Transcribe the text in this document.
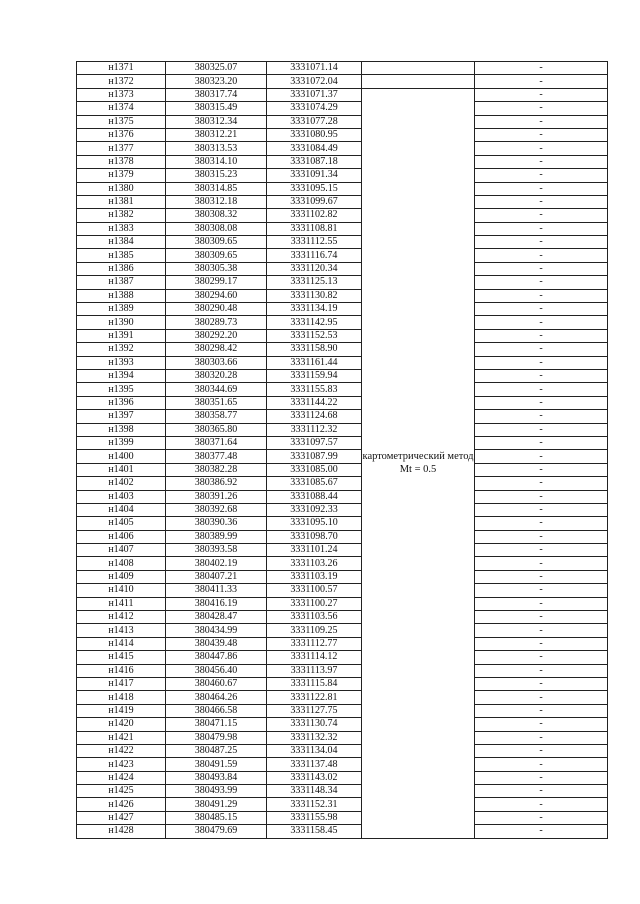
н1371	380325.07	3331071.14		-
н1372	380323.20	3331072.04		-
н1373	380317.74	3331071.37	картометрический метод Mt = 0.5	-
н1374	380315.49	3331074.29		-
н1375	380312.34	3331077.28		-
н1376	380312.21	3331080.95		-
н1377	380313.53	3331084.49		-
н1378	380314.10	3331087.18		-
н1379	380315.23	3331091.34		-
н1380	380314.85	3331095.15		-
н1381	380312.18	3331099.67		-
н1382	380308.32	3331102.82		-
н1383	380308.08	3331108.81		-
н1384	380309.65	3331112.55		-
н1385	380309.65	3331116.74		-
н1386	380305.38	3331120.34		-
н1387	380299.17	3331125.13		-
н1388	380294.60	3331130.82		-
н1389	380290.48	3331134.19		-
н1390	380289.73	3331142.95		-
н1391	380292.20	3331152.53		-
н1392	380298.42	3331158.90		-
н1393	380303.66	3331161.44		-
н1394	380320.28	3331159.94		-
н1395	380344.69	3331155.83		-
н1396	380351.65	3331144.22		-
н1397	380358.77	3331124.68		-
н1398	380365.80	3331112.32		-
н1399	380371.64	3331097.57		-
н1400	380377.48	3331087.99		-
н1401	380382.28	3331085.00		-
н1402	380386.92	3331085.67		-
н1403	380391.26	3331088.44		-
н1404	380392.68	3331092.33		-
н1405	380390.36	3331095.10		-
н1406	380389.99	3331098.70		-
н1407	380393.58	3331101.24		-
н1408	380402.19	3331103.26		-
н1409	380407.21	3331103.19		-
н1410	380411.33	3331100.57		-
н1411	380416.19	3331100.27		-
н1412	380428.47	3331103.56		-
н1413	380434.99	3331109.25		-
н1414	380439.48	3331112.77		-
н1415	380447.86	3331114.12		-
н1416	380456.40	3331113.97		-
н1417	380460.67	3331115.84		-
н1418	380464.26	3331122.81		-
н1419	380466.58	3331127.75		-
н1420	380471.15	3331130.74		-
н1421	380479.98	3331132.32		-
н1422	380487.25	3331134.04		-
н1423	380491.59	3331137.48		-
н1424	380493.84	3331143.02		-
н1425	380493.99	3331148.34		-
н1426	380491.29	3331152.31		-
н1427	380485.15	3331155.98		-
н1428	380479.69	3331158.45		-
